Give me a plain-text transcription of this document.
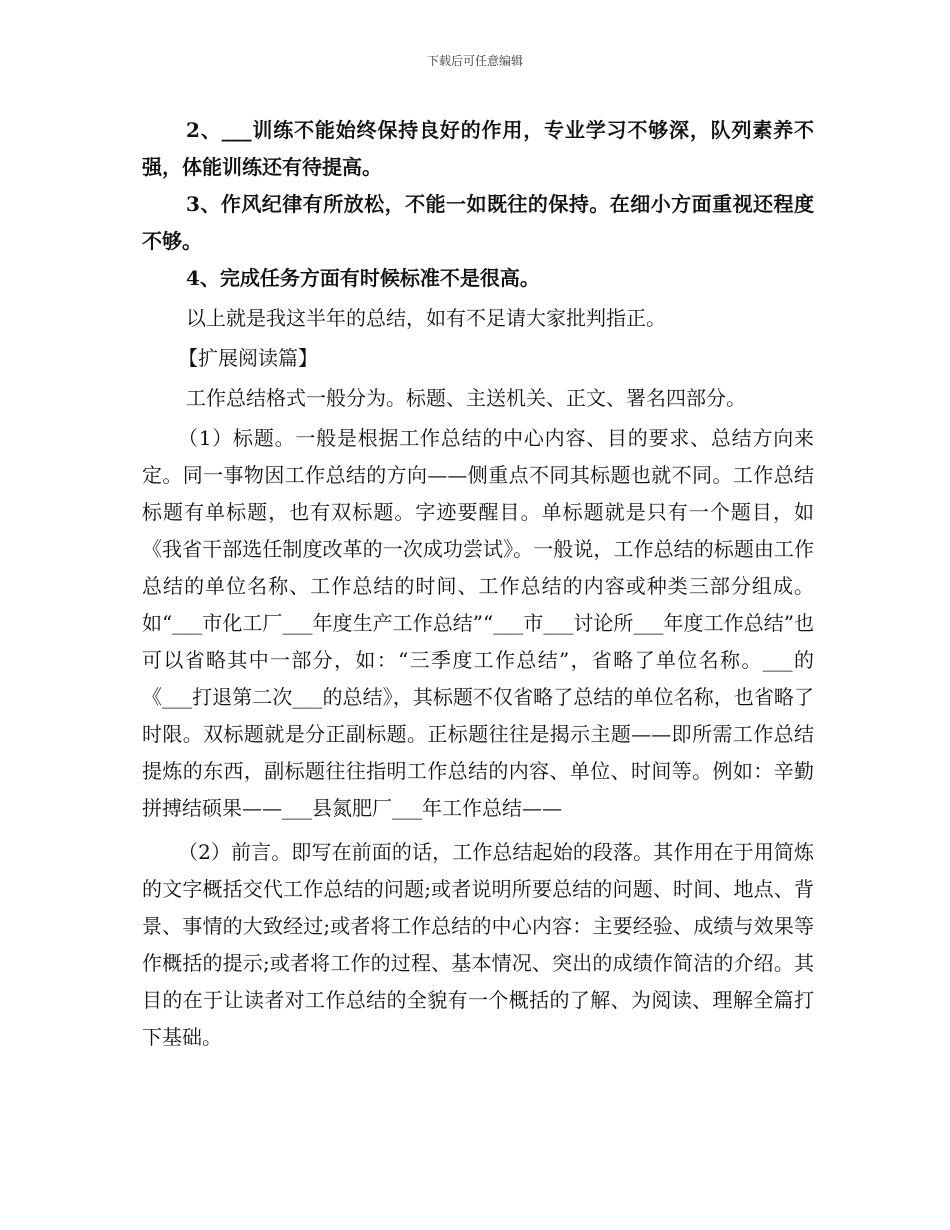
下载后可任意编辑

2、___训练不能始终保持良好的作用，专业学习不够深，队列素养不强，体能训练还有待提高。

3、作风纪律有所放松，不能一如既往的保持。在细小方面重视还程度不够。

4、完成任务方面有时候标准不是很高。

以上就是我这半年的总结，如有不足请大家批判指正。

【扩展阅读篇】

工作总结格式一般分为。标题、主送机关、正文、署名四部分。

（1）标题。一般是根据工作总结的中心内容、目的要求、总结方向来定。同一事物因工作总结的方向——侧重点不同其标题也就不同。工作总结标题有单标题，也有双标题。字迹要醒目。单标题就是只有一个题目，如《我省干部选任制度改革的一次成功尝试》。一般说，工作总结的标题由工作总结的单位名称、工作总结的时间、工作总结的内容或种类三部分组成。如“___市化工厂___年度生产工作总结”“___市___讨论所___年度工作总结”也可以省略其中一部分，如：“三季度工作总结”，省略了单位名称。___的《___打退第二次___的总结》，其标题不仅省略了总结的单位名称，也省略了时限。双标题就是分正副标题。正标题往往是揭示主题——即所需工作总结提炼的东西，副标题往往指明工作总结的内容、单位、时间等。例如：辛勤拼搏结硕果——___县氮肥厂___年工作总结——

（2）前言。即写在前面的话，工作总结起始的段落。其作用在于用简炼的文字概括交代工作总结的问题;或者说明所要总结的问题、时间、地点、背景、事情的大致经过;或者将工作总结的中心内容：主要经验、成绩与效果等作概括的提示;或者将工作的过程、基本情况、突出的成绩作简洁的介绍。其目的在于让读者对工作总结的全貌有一个概括的了解、为阅读、理解全篇打下基础。
